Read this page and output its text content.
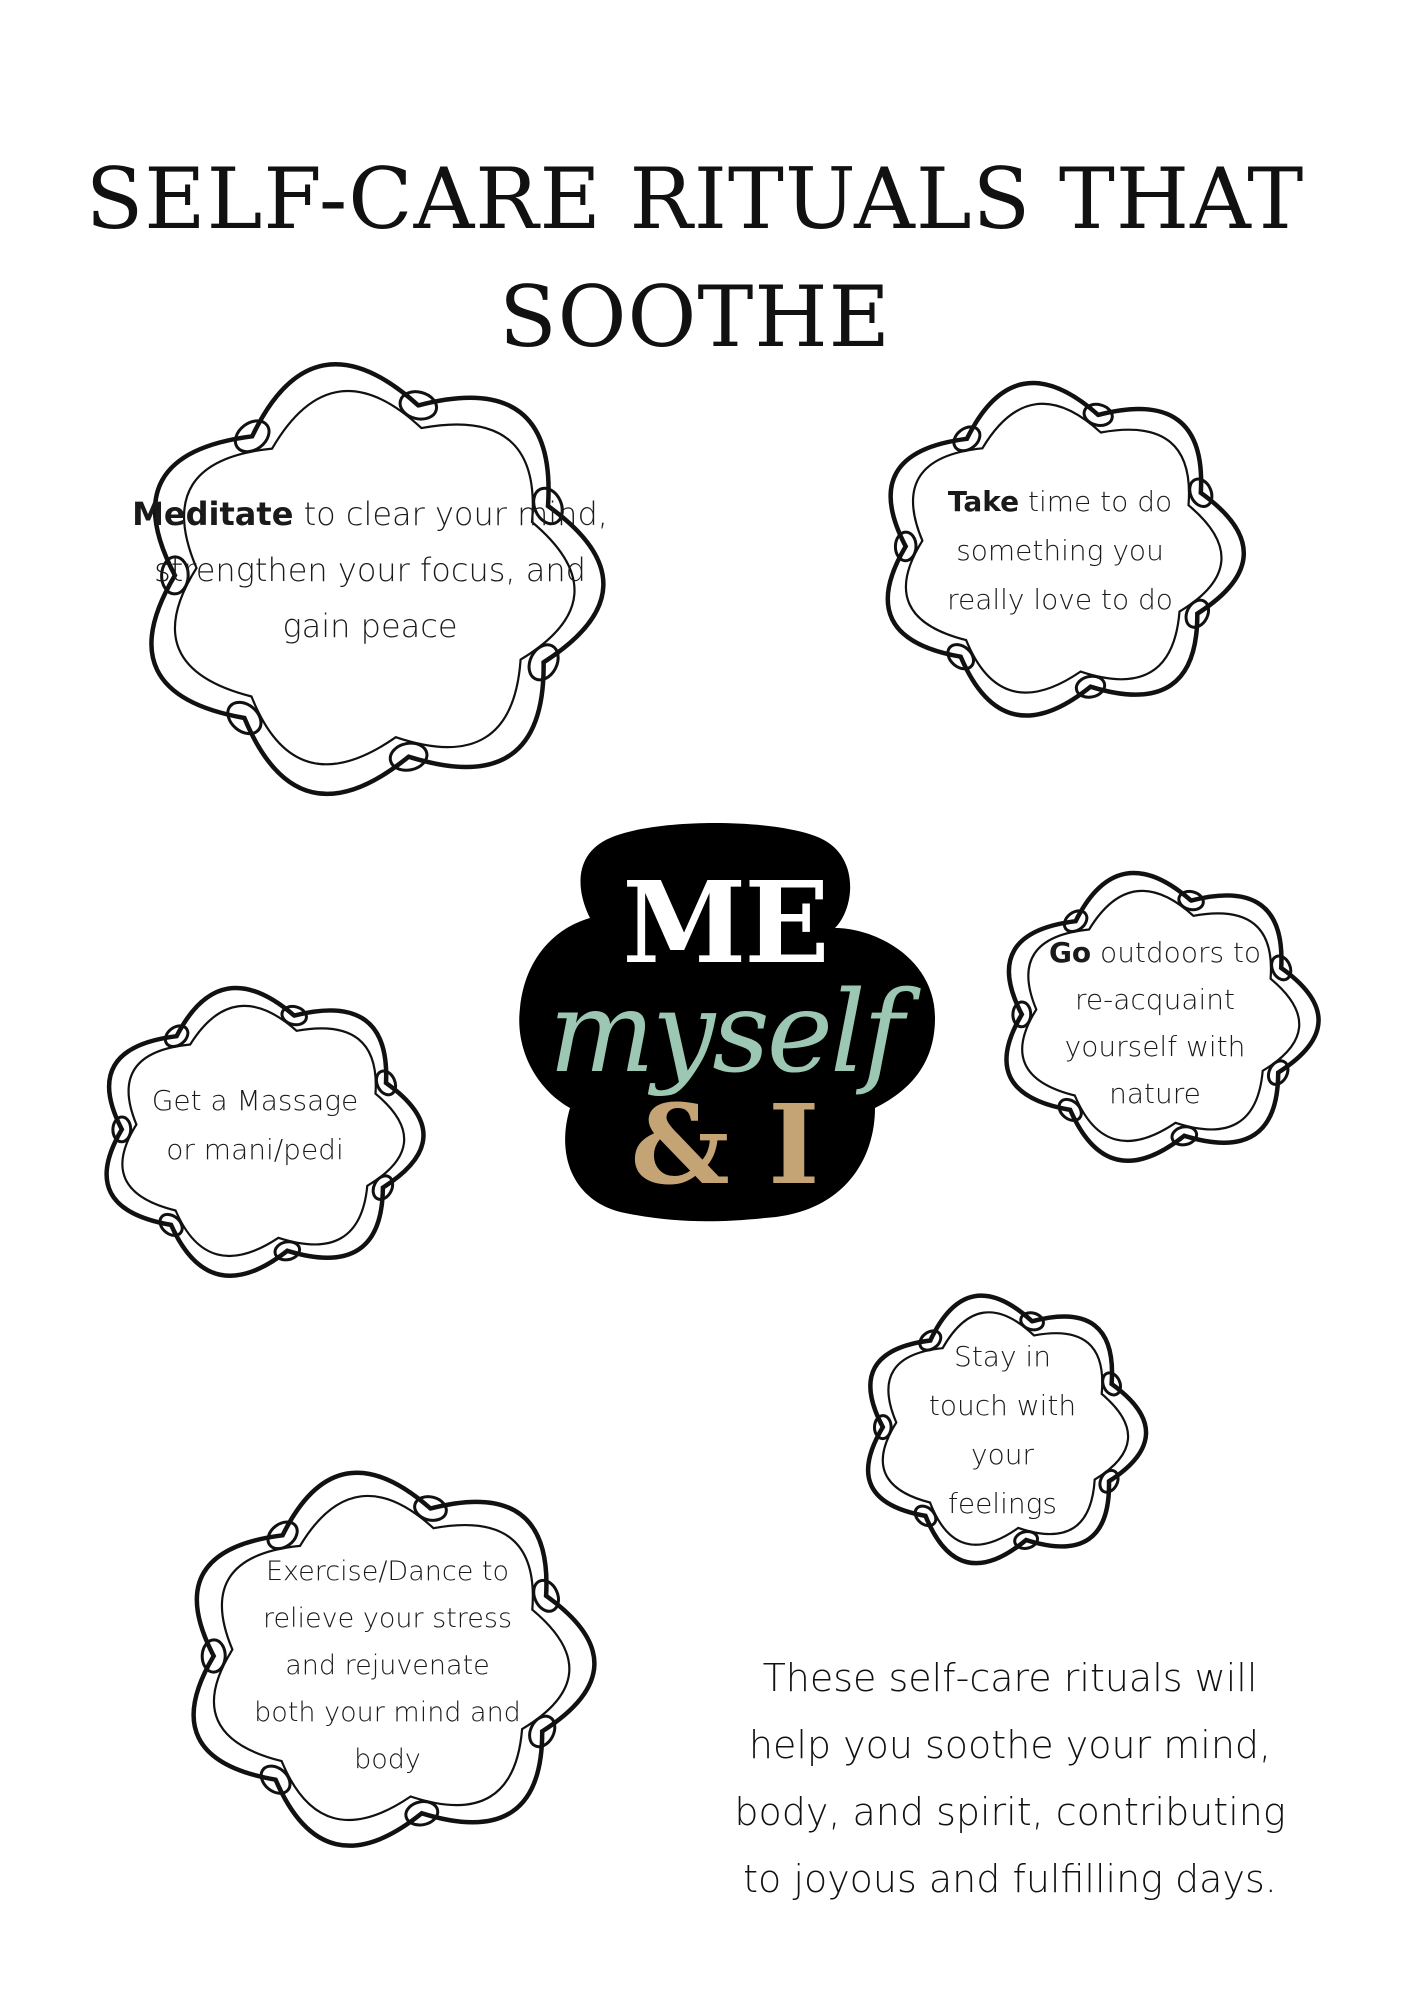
SELF-CARE RITUALS THAT
SOOTHE
Meditate to clear your mind,
strengthen your focus, and
gain peace
Take time to do
something you
really love to do
Get a Massage
or mani/pedi
Go outdoors to
re-acquaint
yourself with
nature
Stay in
touch with
your
feelings
Exercise/Dance to
relieve your stress
and rejuvenate
both your mind and
body
ME
myself
& I
These self-care rituals will
help you soothe your mind,
body, and spirit, contributing
to joyous and fulfilling days.
